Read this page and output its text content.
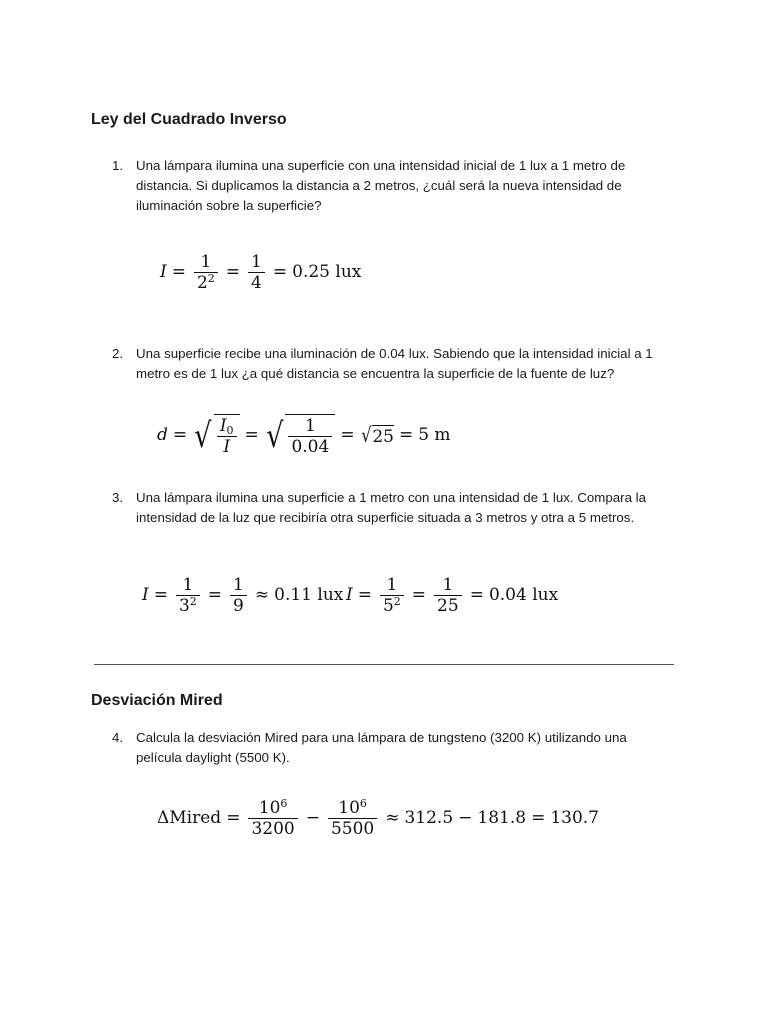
Ley del Cuadrado Inverso
1. Una lámpara ilumina una superficie con una intensidad inicial de 1 lux a 1 metro de distancia. Si duplicamos la distancia a 2 metros, ¿cuál será la nueva intensidad de iluminación sobre la superficie?
$I = \frac{1}{2^2} = \frac{1}{4} = 0.25$ lux
2. Una superficie recibe una iluminación de 0.04 lux. Sabiendo que la intensidad inicial a 1 metro es de 1 lux ¿a qué distancia se encuentra la superficie de la fuente de luz?
d = √ $\frac{I_0}{I}$ = √ $\frac{1}{0.04} = √25 = 5$ m
3. Una lámpara ilumina una superficie a 1 metro con una intensidad de 1 lux. Compara la intensidad de la luz que recibiría otra superficie situada a 3 metros y otra a 5 metros.
$I = \frac{1}{3^2} = \frac{1}{9} \approx 0.11$ lux $I = \frac{1}{5^2} = \frac{1}{25} = 0.04$ lux
Desviación Mired
4. Calcula la desviación Mired para una lámpara de tungsteno (3200 K) utilizando una película daylight (5500 K).
ΔMired = $\frac{10^6}{3200} - \frac{10^6}{5500} \approx 312.5 - 181.8 = 130.7$
